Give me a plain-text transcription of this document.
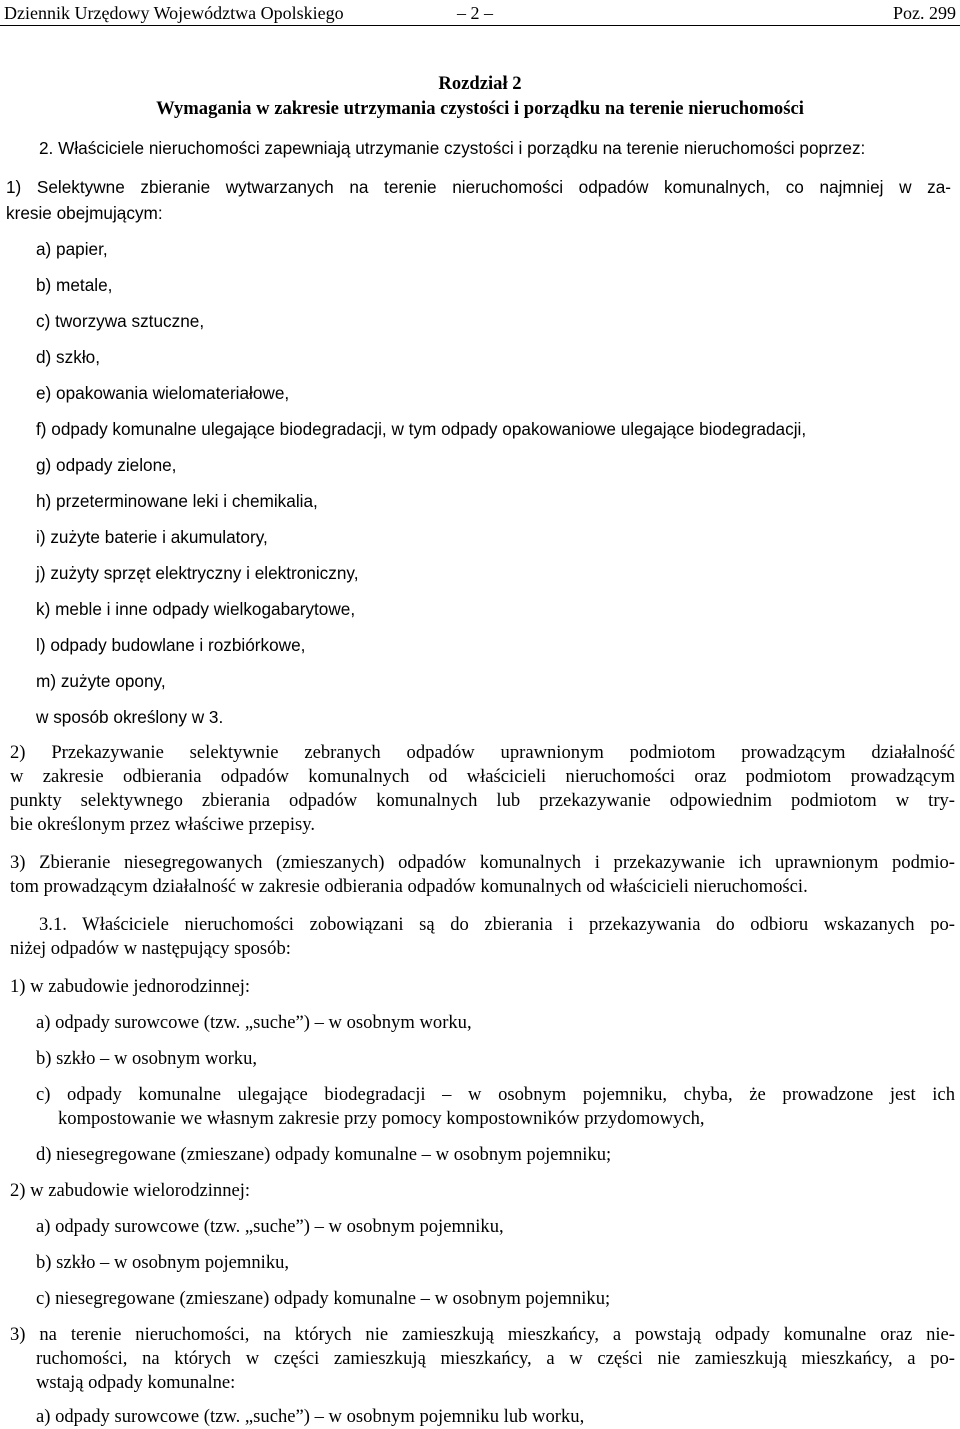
Dziennik Urzędowy Województwa Opolskiego	– 2 –	Poz. 299
Rozdział 2
Wymagania w zakresie utrzymania czystości i porządku na terenie nieruchomości
2. Właściciele nieruchomości zapewniają utrzymanie czystości i porządku na terenie nieruchomości poprzez:
1) Selektywne zbieranie wytwarzanych na terenie nieruchomości odpadów komunalnych, co najmniej w za-
kresie obejmującym:
a) papier,
b) metale,
c) tworzywa sztuczne,
d) szkło,
e) opakowania wielomateriałowe,
f) odpady komunalne ulegające biodegradacji, w tym odpady opakowaniowe ulegające biodegradacji,
g) odpady zielone,
h) przeterminowane leki i chemikalia,
i) zużyte baterie i akumulatory,
j) zużyty sprzęt elektryczny i elektroniczny,
k) meble i inne odpady wielkogabarytowe,
l) odpady budowlane i rozbiórkowe,
m) zużyte opony,
w sposób określony w 3.
2) Przekazywanie selektywnie zebranych odpadów uprawnionym podmiotom prowadzącym działalność
w zakresie odbierania odpadów komunalnych od właścicieli nieruchomości oraz podmiotom prowadzącym
punkty selektywnego zbierania odpadów komunalnych lub przekazywanie odpowiednim podmiotom w try-
bie określonym przez właściwe przepisy.
3) Zbieranie niesegregowanych (zmieszanych) odpadów komunalnych i przekazywanie ich uprawnionym podmio-
tom prowadzącym działalność w zakresie odbierania odpadów komunalnych od właścicieli nieruchomości.
3.1. Właściciele nieruchomości zobowiązani są do zbierania i przekazywania do odbioru wskazanych po-
niżej odpadów w następujący sposób:
1) w zabudowie jednorodzinnej:
a) odpady surowcowe (tzw. „suche”) – w osobnym worku,
b) szkło – w osobnym worku,
c) odpady komunalne ulegające biodegradacji – w osobnym pojemniku, chyba, że prowadzone jest ich
kompostowanie we własnym zakresie przy pomocy kompostowników przydomowych,
d) niesegregowane (zmieszane) odpady komunalne – w osobnym pojemniku;
2) w zabudowie wielorodzinnej:
a) odpady surowcowe (tzw. „suche”) – w osobnym pojemniku,
b) szkło – w osobnym pojemniku,
c) niesegregowane (zmieszane) odpady komunalne – w osobnym pojemniku;
3) na terenie nieruchomości, na których nie zamieszkują mieszkańcy, a powstają odpady komunalne oraz nie-
ruchomości, na których w części zamieszkują mieszkańcy, a w części nie zamieszkują mieszkańcy, a po-
wstają odpady komunalne:
a) odpady surowcowe (tzw. „suche”) – w osobnym pojemniku lub worku,
